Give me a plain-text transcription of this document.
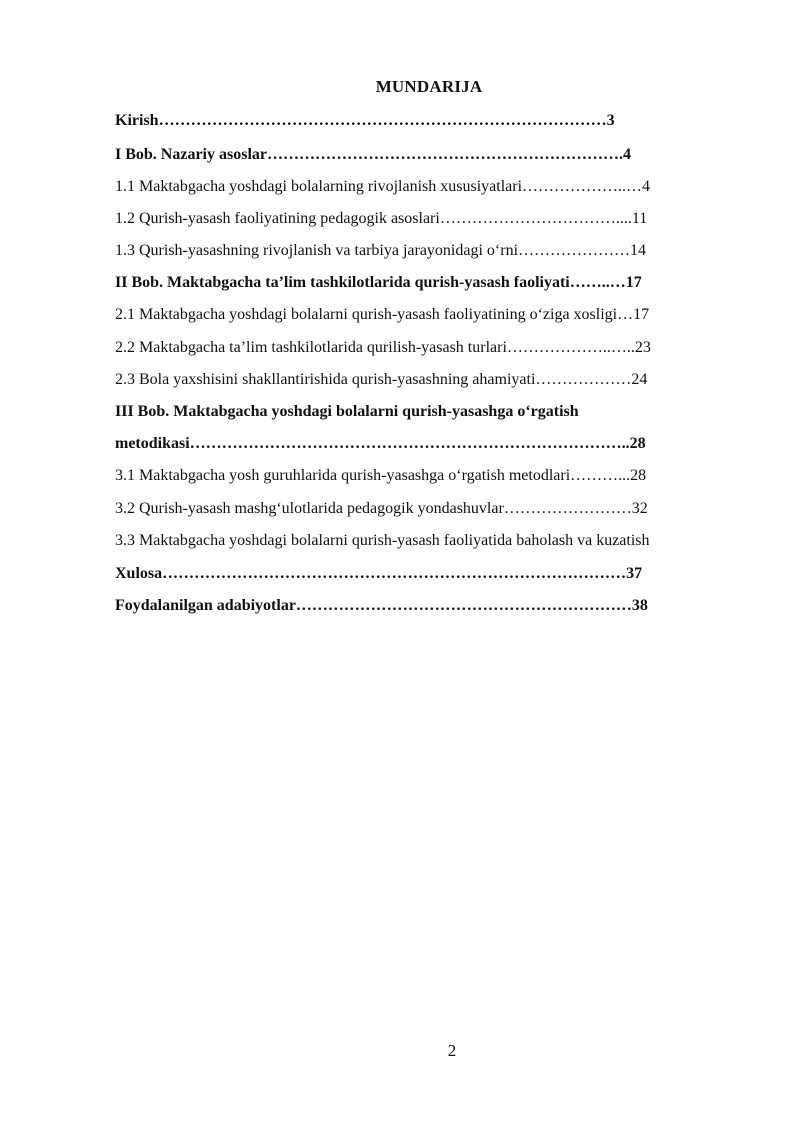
MUNDARIJA
Kirish…………………………………………………………………………3
I Bob. Nazariy asoslar………………………………………………………….4
1.1 Maktabgacha yoshdagi bolalarning rivojlanish xususiyatlari………………..…4
1.2 Qurish-yasash faoliyatining pedagogik asoslari……………………………....11
1.3 Qurish-yasashning rivojlanish va tarbiya jarayonidagi o‘rni…………………14
II Bob. Maktabgacha ta’lim tashkilotlarida qurish-yasash faoliyati……..…17
2.1 Maktabgacha yoshdagi bolalarni qurish-yasash faoliyatining o‘ziga xosligi…17
2.2 Maktabgacha ta’lim tashkilotlarida qurilish-yasash turlari………………..…..23
2.3 Bola yaxshisini shakllantirishida qurish-yasashning ahamiyati………………24
III Bob. Maktabgacha yoshdagi bolalarni qurish-yasashga o‘rgatish
metodikasi………………………………………………………………………..28
3.1 Maktabgacha yosh guruhlarida qurish-yasashga o‘rgatish metodlari………...28
3.2 Qurish-yasash mashg‘ulotlarida pedagogik yondashuvlar……………………32
3.3 Maktabgacha yoshdagi bolalarni qurish-yasash faoliyatida baholash va kuzatish
Xulosa……………………………………………………………………………37
Foydalanilgan adabiyotlar………………………………………………………38
2
